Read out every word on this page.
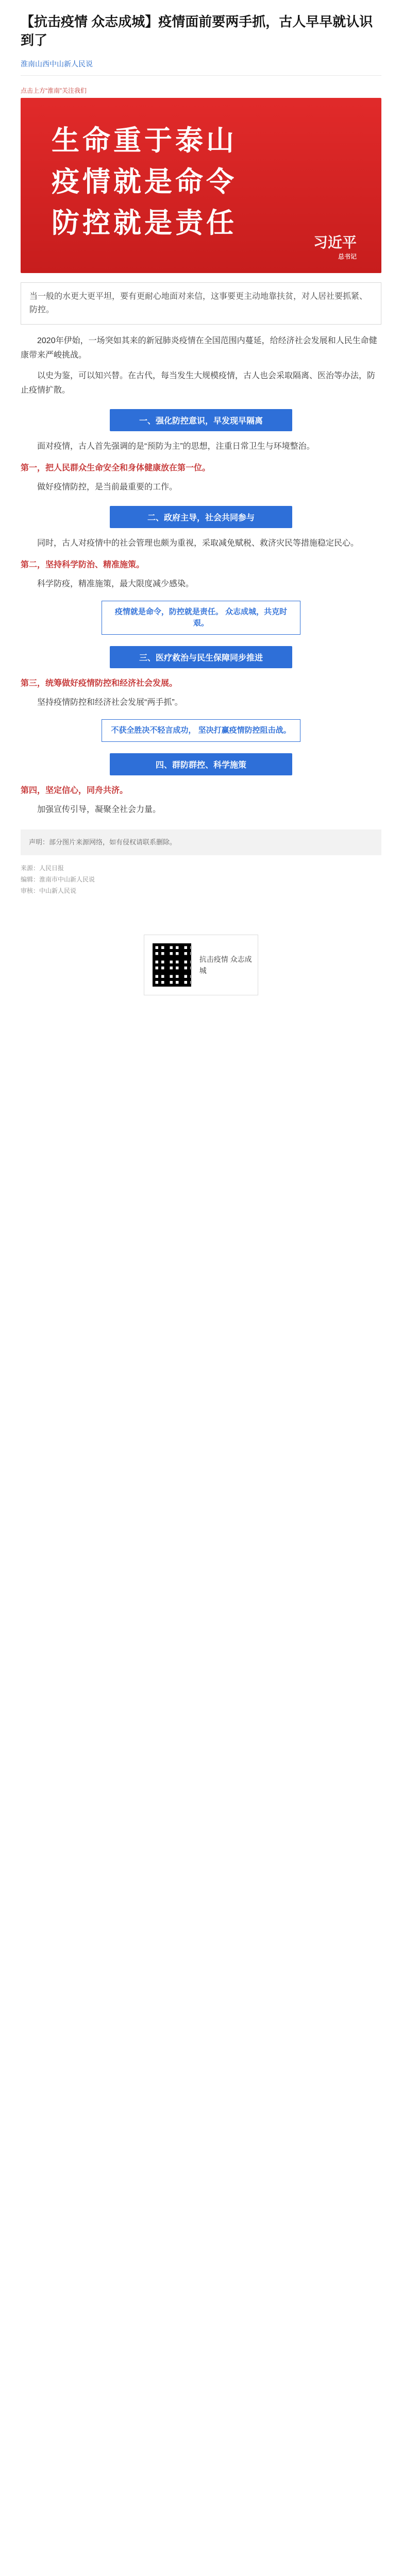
【抗击疫情 众志成城】疫情面前要两手抓，古人早早就认识到了
淮南山西中山新人民说
点击上方“淮南”关注我们
生命重于泰山
疫情就是命令
防控就是责任
习近平
总书记
当一般的水更大更平坦，要有更耐心地面对来信，这事要更主动地靠扶贫，对人居社要抓紧、防控。

2020年伊始，一场突如其来的新冠肺炎疫情在全国范围内蔓延，给经济社会发展和人民生命健康带来严峻挑战。

以史为鉴，可以知兴替。在古代，每当发生大规模疫情，古人也会采取隔离、医治等办法，防止疫情扩散。

一、强化防控意识，早发现早隔离

面对疫情，古人首先强调的是“预防为主”的思想，注重日常卫生与环境整治。

第一，把人民群众生命安全和身体健康放在第一位。

做好疫情防控，是当前最重要的工作。

二、政府主导，社会共同参与

同时，古人对疫情中的社会管理也颇为重视，采取减免赋税、救济灾民等措施稳定民心。

第二，坚持科学防治、精准施策。

科学防疫，精准施策，最大限度减少感染。

疫情就是命令，防控就是责任。 众志成城，共克时艰。
三、医疗救治与民生保障同步推进
第三，统筹做好疫情防控和经济社会发展。

坚持疫情防控和经济社会发展“两手抓”。

不获全胜决不轻言成功， 坚决打赢疫情防控阻击战。
四、群防群控、科学施策
第四，坚定信心，同舟共济。

加强宣传引导，凝聚全社会力量。

声明：部分图片来源网络，如有侵权请联系删除。
来源：人民日报
编辑：淮南市中山新人民说
审核：中山新人民说
抗击疫情 众志成城
